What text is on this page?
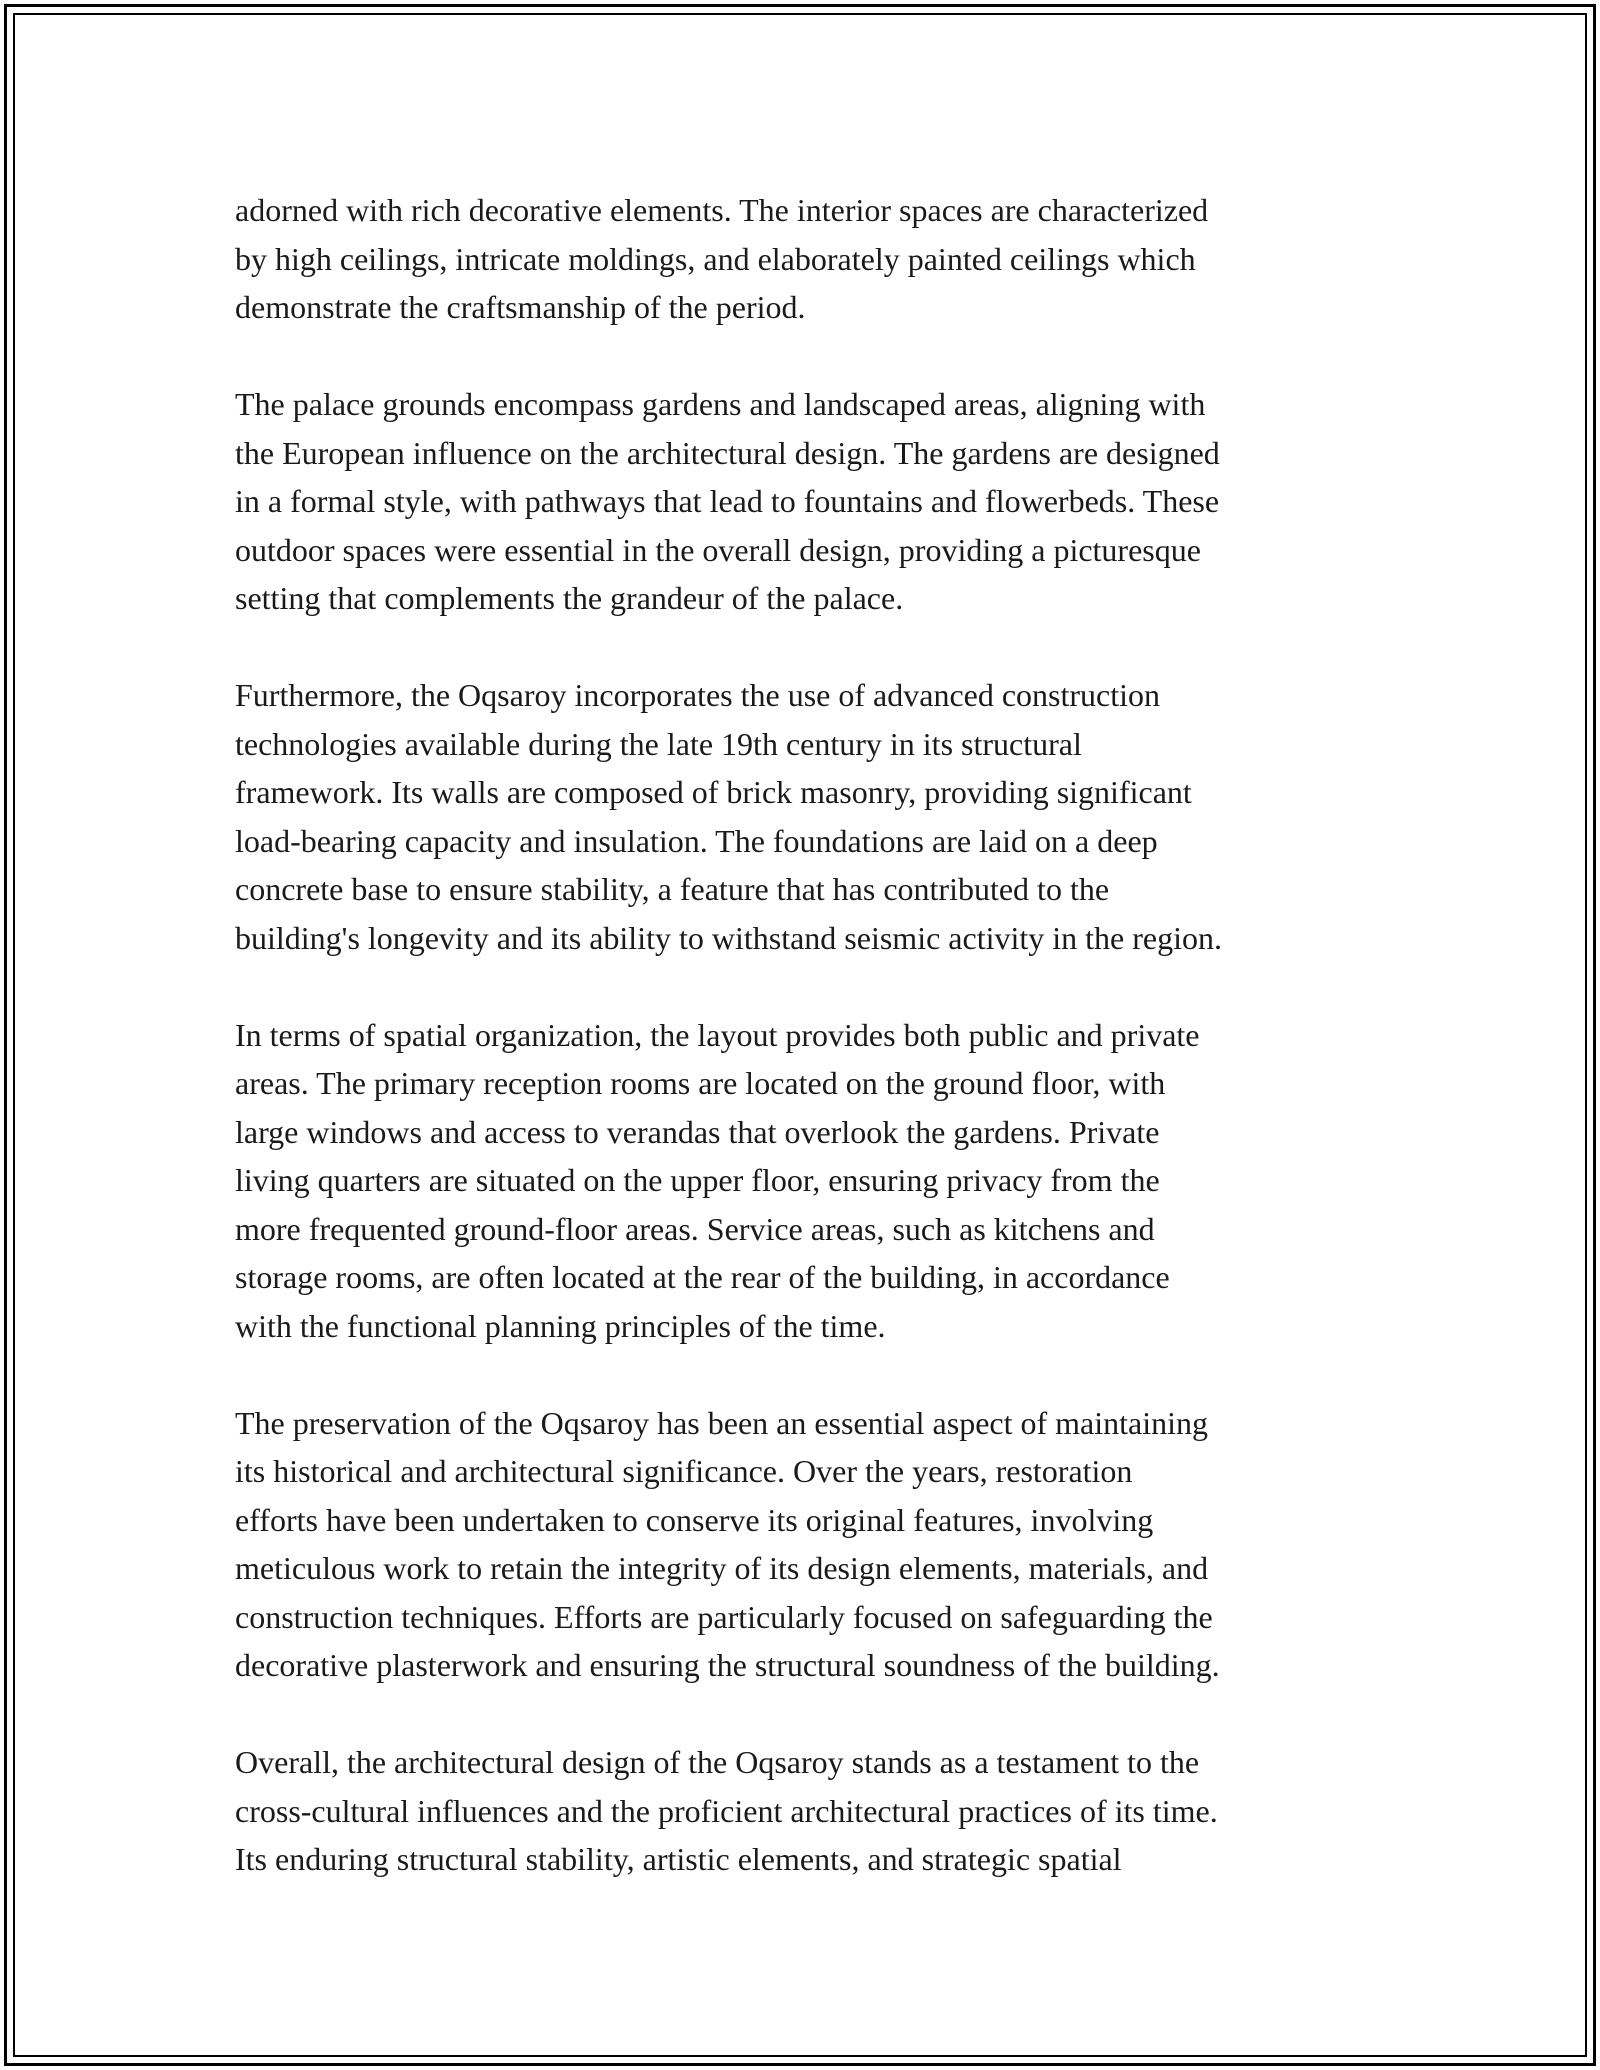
adorned with rich decorative elements. The interior spaces are characterized
by high ceilings, intricate moldings, and elaborately painted ceilings which
demonstrate the craftsmanship of the period.

The palace grounds encompass gardens and landscaped areas, aligning with
the European influence on the architectural design. The gardens are designed
in a formal style, with pathways that lead to fountains and flowerbeds. These
outdoor spaces were essential in the overall design, providing a picturesque
setting that complements the grandeur of the palace.

Furthermore, the Oqsaroy incorporates the use of advanced construction
technologies available during the late 19th century in its structural
framework. Its walls are composed of brick masonry, providing significant
load-bearing capacity and insulation. The foundations are laid on a deep
concrete base to ensure stability, a feature that has contributed to the
building's longevity and its ability to withstand seismic activity in the region.

In terms of spatial organization, the layout provides both public and private
areas. The primary reception rooms are located on the ground floor, with
large windows and access to verandas that overlook the gardens. Private
living quarters are situated on the upper floor, ensuring privacy from the
more frequented ground-floor areas. Service areas, such as kitchens and
storage rooms, are often located at the rear of the building, in accordance
with the functional planning principles of the time.

The preservation of the Oqsaroy has been an essential aspect of maintaining
its historical and architectural significance. Over the years, restoration
efforts have been undertaken to conserve its original features, involving
meticulous work to retain the integrity of its design elements, materials, and
construction techniques. Efforts are particularly focused on safeguarding the
decorative plasterwork and ensuring the structural soundness of the building.

Overall, the architectural design of the Oqsaroy stands as a testament to the
cross-cultural influences and the proficient architectural practices of its time.
Its enduring structural stability, artistic elements, and strategic spatial
